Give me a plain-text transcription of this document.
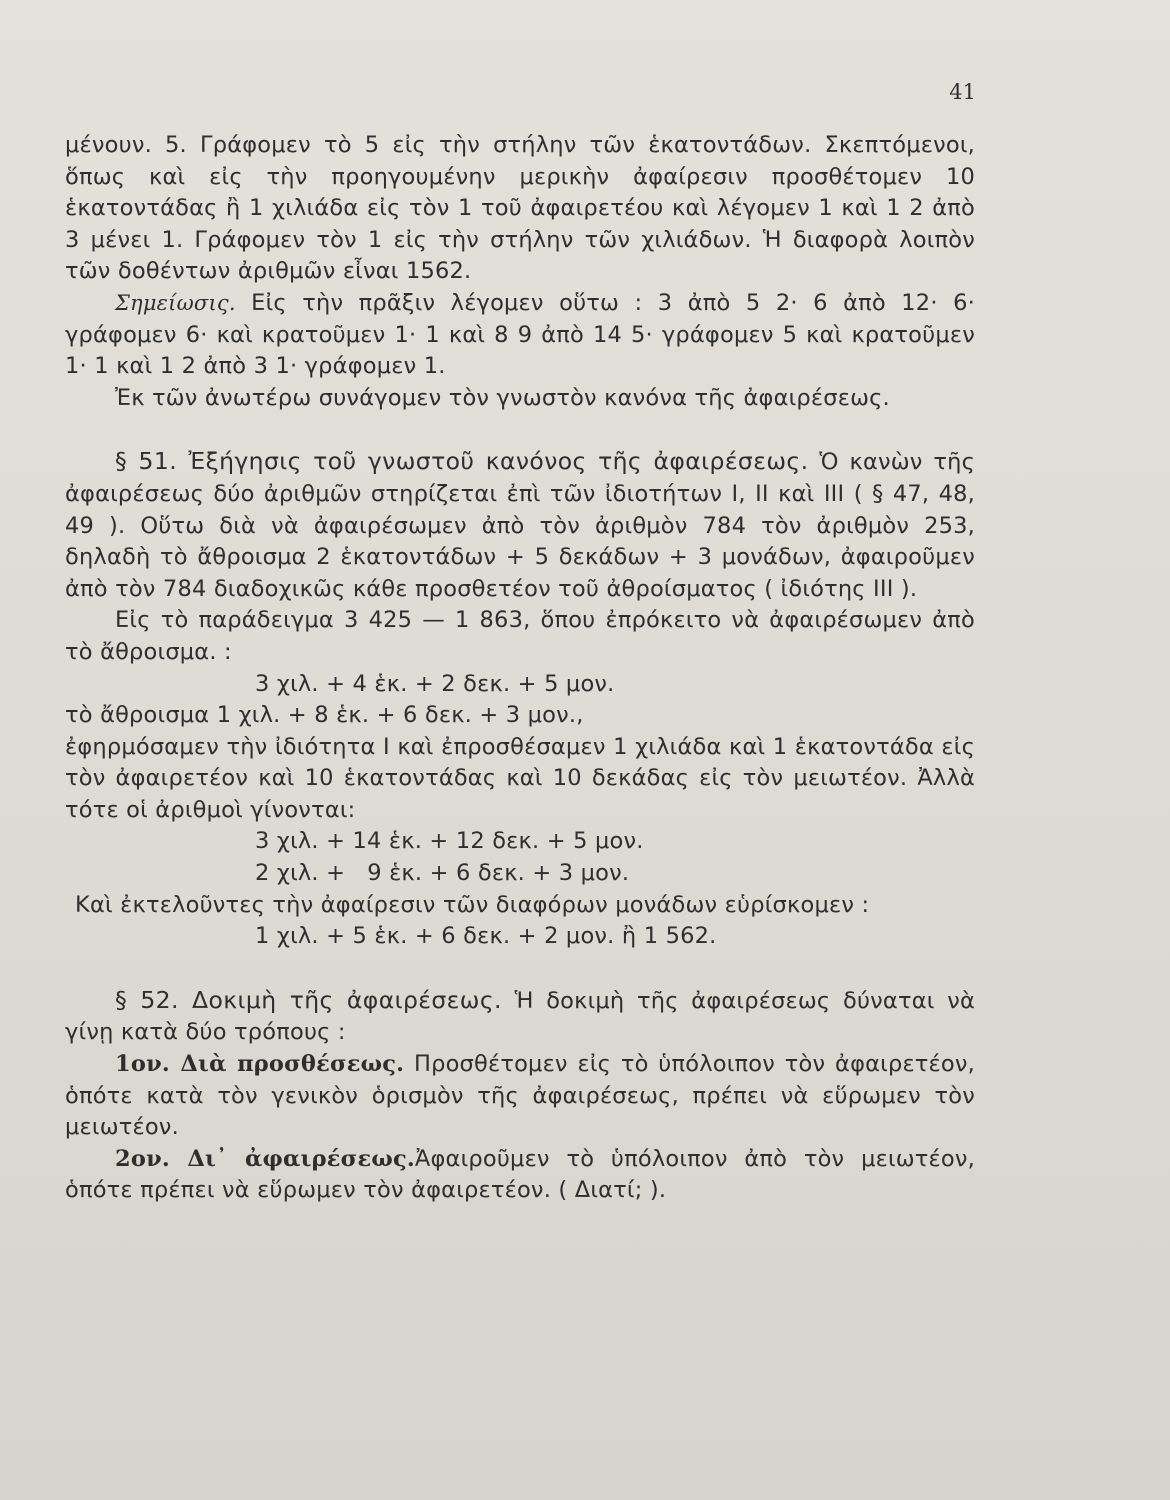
41

μένουν. 5. Γράφομεν τὸ 5 εἰς τὴν στήλην τῶν ἑκατοντάδων. Σκεπτόμενοι, ὅπως καὶ εἰς τὴν προηγουμένην μερικὴν ἀφαίρεσιν προσθέτομεν 10 ἑκατοντάδας ἢ 1 χιλιάδα εἰς τὸν 1 τοῦ ἀφαιρετέου καὶ λέγομεν 1 καὶ 1 2 ἀπὸ 3 μένει 1. Γράφομεν τὸν 1 εἰς τὴν στήλην τῶν χιλιάδων. Ἡ διαφορὰ λοιπὸν τῶν δοθέντων ἀριθμῶν εἶναι 1562.

Σημείωσις. Εἰς τὴν πρᾶξιν λέγομεν οὕτω : 3 ἀπὸ 5 2· 6 ἀπὸ 12· 6· γράφομεν 6· καὶ κρατοῦμεν 1· 1 καὶ 8 9 ἀπὸ 14 5· γράφομεν 5 καὶ κρατοῦμεν 1· 1 καὶ 1 2 ἀπὸ 3 1· γράφομεν 1.

Ἐκ τῶν ἀνωτέρω συνάγομεν τὸν γνωστὸν κανόνα τῆς ἀφαιρέσεως.

§ 51. Ἐξήγησις τοῦ γνωστοῦ κανόνος τῆς ἀφαιρέσεως. Ὁ κανὼν τῆς ἀφαιρέσεως δύο ἀριθμῶν στηρίζεται ἐπὶ τῶν ἰδιοτήτων I, II καὶ III ( § 47, 48, 49 ). Οὕτω διὰ νὰ ἀφαιρέσωμεν ἀπὸ τὸν ἀριθμὸν 784 τὸν ἀριθμὸν 253, δηλαδὴ τὸ ἄθροισμα 2 ἑκατοντάδων + 5 δεκάδων + 3 μονάδων, ἀφαιροῦμεν ἀπὸ τὸν 784 διαδοχικῶς κάθε προσθετέον τοῦ ἀθροίσματος ( ἰδιότης III ).

Εἰς τὸ παράδειγμα 3 425 — 1 863, ὅπου ἐπρόκειτο νὰ ἀφαιρέσωμεν ἀπὸ τὸ ἄθροισμα. :

3 χιλ. + 4 ἑκ. + 2 δεκ. + 5 μον.

τὸ ἄθροισμα 1 χιλ. + 8 ἑκ. + 6 δεκ. + 3 μον.,

ἐφηρμόσαμεν τὴν ἰδιότητα I καὶ ἐπροσθέσαμεν 1 χιλιάδα καὶ 1 ἑκατοντάδα εἰς τὸν ἀφαιρετέον καὶ 10 ἑκατοντάδας καὶ 10 δεκάδας εἰς τὸν μειωτέον. Ἀλλὰ τότε οἱ ἀριθμοὶ γίνονται:

3 χιλ. + 14 ἑκ. + 12 δεκ. + 5 μον.

2 χιλ. +   9 ἑκ. + 6 δεκ. + 3 μον.

Καὶ ἐκτελοῦντες τὴν ἀφαίρεσιν τῶν διαφόρων μονάδων εὑρίσκομεν :

1 χιλ. + 5 ἑκ. + 6 δεκ. + 2 μον. ἢ 1 562.

§ 52. Δοκιμὴ τῆς ἀφαιρέσεως. Ἡ δοκιμὴ τῆς ἀφαιρέσεως δύναται νὰ γίνῃ κατὰ δύο τρόπους :

1ον. Διὰ προσθέσεως. Προσθέτομεν εἰς τὸ ὑπόλοιπον τὸν ἀφαιρετέον, ὁπότε κατὰ τὸν γενικὸν ὁρισμὸν τῆς ἀφαιρέσεως, πρέπει νὰ εὕρωμεν τὸν μειωτέον.

2ον. Δι᾽ ἀφαιρέσεως.Ἀφαιροῦμεν τὸ ὑπόλοιπον ἀπὸ τὸν μειωτέον, ὁπότε πρέπει νὰ εὕρωμεν τὸν ἀφαιρετέον. ( Διατί; ).
